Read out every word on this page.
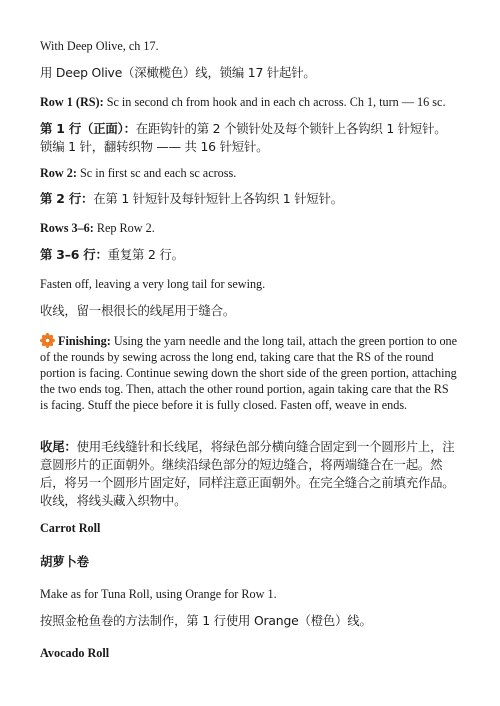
With Deep Olive, ch 17.

用 Deep Olive（深橄榄色）线，锁编 17 针起针。

Row 1 (RS): Sc in second ch from hook and in each ch across. Ch 1, turn — 16 sc.

第 1 行（正面）：在距钩针的第 2 个锁针处及每个锁针上各钩织 1 针短针。锁编 1 针，翻转织物 —— 共 16 针短针。

Row 2: Sc in first sc and each sc across.

第 2 行：在第 1 针短针及每针短针上各钩织 1 针短针。

Rows 3–6: Rep Row 2.

第 3–6 行：重复第 2 行。

Fasten off, leaving a very long tail for sewing.

收线，留一根很长的线尾用于缝合。

Finishing: Using the yarn needle and the long tail, attach the green portion to one of the rounds by sewing across the long end, taking care that the RS of the round portion is facing. Continue sewing down the short side of the green portion, attaching the two ends tog. Then, attach the other round portion, again taking care that the RS is facing. Stuff the piece before it is fully closed. Fasten off, weave in ends.

收尾：使用毛线缝针和长线尾，将绿色部分横向缝合固定到一个圆形片上，注意圆形片的正面朝外。继续沿绿色部分的短边缝合，将两端缝合在一起。然后，将另一个圆形片固定好，同样注意正面朝外。在完全缝合之前填充作品。收线，将线头藏入织物中。

Carrot Roll

胡萝卜卷

Make as for Tuna Roll, using Orange for Row 1.

按照金枪鱼卷的方法制作，第 1 行使用 Orange（橙色）线。

Avocado Roll
